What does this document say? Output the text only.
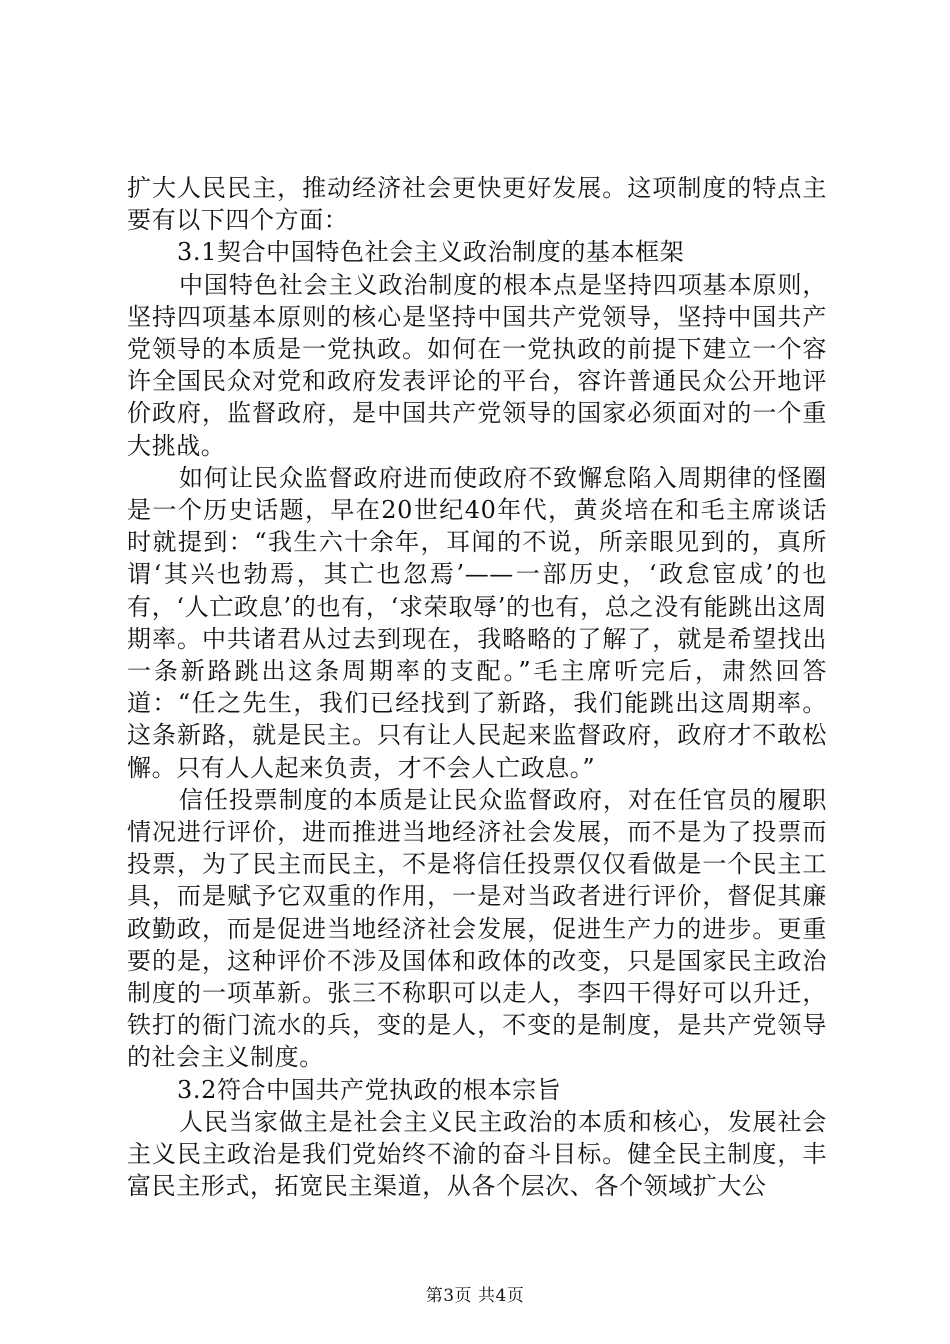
扩大人民民主，推动经济社会更快更好发展。这项制度的特点主要有以下四个方面：

3.1契合中国特色社会主义政治制度的基本框架

中国特色社会主义政治制度的根本点是坚持四项基本原则，坚持四项基本原则的核心是坚持中国共产党领导，坚持中国共产党领导的本质是一党执政。如何在一党执政的前提下建立一个容许全国民众对党和政府发表评论的平台，容许普通民众公开地评价政府，监督政府，是中国共产党领导的国家必须面对的一个重大挑战。

如何让民众监督政府进而使政府不致懈怠陷入周期律的怪圈是一个历史话题，早在20世纪40年代，黄炎培在和毛主席谈话时就提到：“我生六十余年，耳闻的不说，所亲眼见到的，真所谓‘其兴也勃焉，其亡也忽焉’——一部历史，‘政怠宦成’的也有，‘人亡政息’的也有，‘求荣取辱’的也有，总之没有能跳出这周期率。中共诸君从过去到现在，我略略的了解了，就是希望找出一条新路跳出这条周期率的支配。”毛主席听完后，肃然回答道：“任之先生，我们已经找到了新路，我们能跳出这周期率。这条新路，就是民主。只有让人民起来监督政府，政府才不敢松懈。只有人人起来负责，才不会人亡政息。”

信任投票制度的本质是让民众监督政府，对在任官员的履职情况进行评价，进而推进当地经济社会发展，而不是为了投票而投票，为了民主而民主，不是将信任投票仅仅看做是一个民主工具，而是赋予它双重的作用，一是对当政者进行评价，督促其廉政勤政，而是促进当地经济社会发展，促进生产力的进步。更重要的是，这种评价不涉及国体和政体的改变，只是国家民主政治制度的一项革新。张三不称职可以走人，李四干得好可以升迁，铁打的衙门流水的兵，变的是人，不变的是制度，是共产党领导的社会主义制度。

3.2符合中国共产党执政的根本宗旨

人民当家做主是社会主义民主政治的本质和核心，发展社会主义民主政治是我们党始终不渝的奋斗目标。健全民主制度，丰富民主形式，拓宽民主渠道，从各个层次、各个领域扩大公

第3页 共4页
